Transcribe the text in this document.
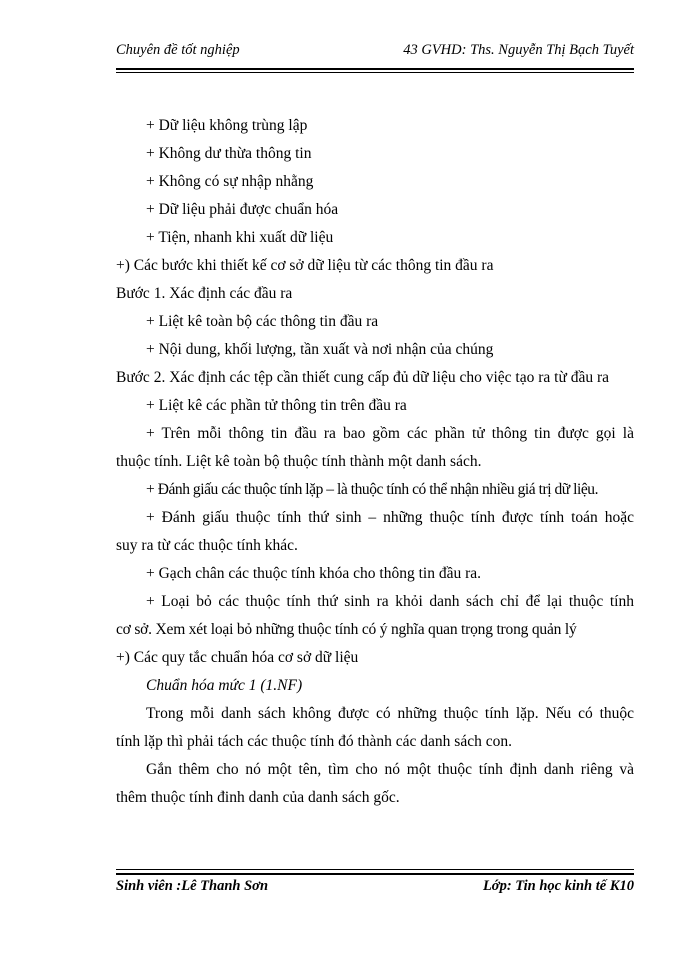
Chuyên đề tốt nghiệp	43 GVHD: Ths. Nguyễn Thị Bạch Tuyết
+ Dữ liệu không trùng lập
+ Không dư thừa thông tin
+ Không có sự nhập nhằng
+ Dữ liệu phải được chuẩn hóa
+ Tiện, nhanh khi xuất dữ liệu
+) Các bước khi thiết kế cơ sở dữ liệu từ các thông tin đầu ra
Bước 1. Xác định các đầu ra
+ Liệt kê toàn bộ các thông tin đầu ra
+ Nội dung, khối lượng, tần xuất và nơi nhận của chúng
Bước 2. Xác định các tệp cần thiết cung cấp đủ dữ liệu cho việc tạo ra từ đầu ra
+ Liệt kê các phần tử thông tin trên đầu ra
+ Trên mỗi thông tin đầu ra bao gồm các phần tử thông tin được gọi là
thuộc tính. Liệt kê toàn bộ thuộc tính thành một danh sách.
+ Đánh giấu các thuộc tính lặp – là thuộc tính có thể nhận nhiều giá trị dữ liệu.
+ Đánh giấu thuộc tính thứ sinh – những thuộc tính được tính toán hoặc
suy ra từ các thuộc tính khác.
+ Gạch chân các thuộc tính khóa cho thông tin đầu ra.
+ Loại bỏ các thuộc tính thứ sinh ra khỏi danh sách chỉ để lại thuộc tính
cơ sở. Xem xét loại bỏ những thuộc tính có ý nghĩa quan trọng trong quản lý
+) Các quy tắc chuẩn hóa cơ sở dữ liệu
Chuẩn hóa mức 1 (1.NF)
Trong mỗi danh sách không được có những thuộc tính lặp. Nếu có thuộc
tính lặp thì phải tách các thuộc tính đó thành các danh sách con.
Gắn thêm cho nó một tên, tìm cho nó một thuộc tính định danh riêng và
thêm thuộc tính đinh danh của danh sách gốc.
Sinh viên :Lê Thanh Sơn	Lớp: Tin học kinh tế K10
